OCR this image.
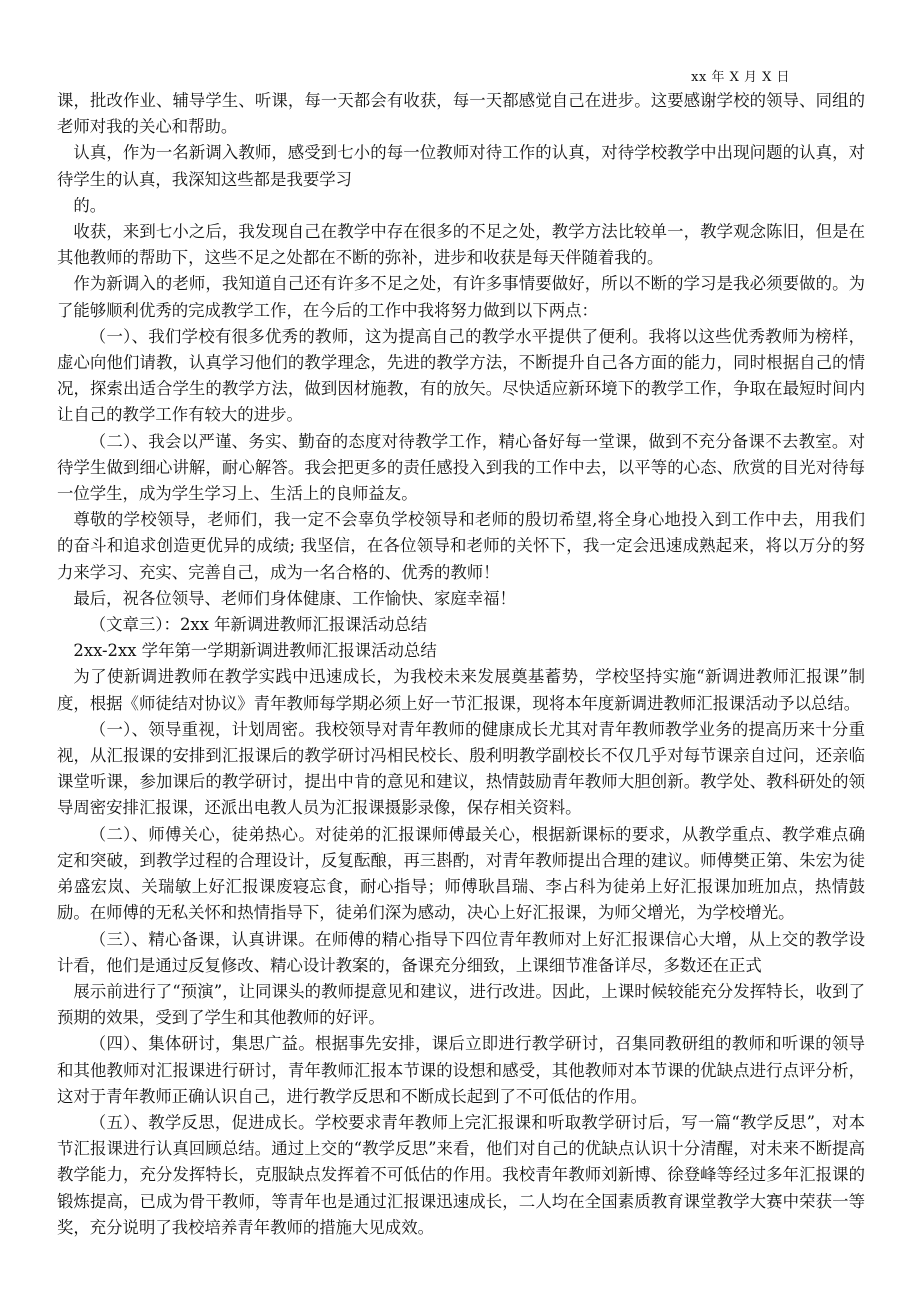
xx 年 X 月 X 日

课，批改作业、辅导学生、听课，每一天都会有收获，每一天都感觉自己在进步。这要感谢学校的领导、同组的老师对我的关心和帮助。

认真，作为一名新调入教师，感受到七小的每一位教师对待工作的认真，对待学校教学中出现问题的认真，对待学生的认真，我深知这些都是我要学习

的。

收获，来到七小之后，我发现自己在教学中存在很多的不足之处，教学方法比较单一，教学观念陈旧，但是在其他教师的帮助下，这些不足之处都在不断的弥补，进步和收获是每天伴随着我的。

作为新调入的老师，我知道自己还有许多不足之处，有许多事情要做好，所以不断的学习是我必须要做的。为了能够顺利优秀的完成教学工作，在今后的工作中我将努力做到以下两点：

（一）、我们学校有很多优秀的教师，这为提高自己的教学水平提供了便利。我将以这些优秀教师为榜样，虚心向他们请教，认真学习他们的教学理念，先进的教学方法，不断提升自己各方面的能力，同时根据自己的情况，探索出适合学生的教学方法，做到因材施教，有的放矢。尽快适应新环境下的教学工作，争取在最短时间内让自己的教学工作有较大的进步。

（二）、我会以严谨、务实、勤奋的态度对待教学工作，精心备好每一堂课，做到不充分备课不去教室。对待学生做到细心讲解，耐心解答。我会把更多的责任感投入到我的工作中去，以平等的心态、欣赏的目光对待每一位学生，成为学生学习上、生活上的良师益友。

尊敬的学校领导，老师们，我一定不会辜负学校领导和老师的殷切希望,将全身心地投入到工作中去，用我们的奋斗和追求创造更优异的成绩; 我坚信，在各位领导和老师的关怀下，我一定会迅速成熟起来，将以万分的努力来学习、充实、完善自己，成为一名合格的、优秀的教师！

最后，祝各位领导、老师们身体健康、工作愉快、家庭幸福！

（文章三）：2xx 年新调进教师汇报课活动总结

2xx-2xx 学年第一学期新调进教师汇报课活动总结

为了使新调进教师在教学实践中迅速成长，为我校未来发展奠基蓄势，学校坚持实施“新调进教师汇报课”制度，根据《师徒结对协议》青年教师每学期必须上好一节汇报课，现将本年度新调进教师汇报课活动予以总结。

（一）、领导重视，计划周密。我校领导对青年教师的健康成长尤其对青年教师教学业务的提高历来十分重视，从汇报课的安排到汇报课后的教学研讨冯相民校长、殷利明教学副校长不仅几乎对每节课亲自过问，还亲临课堂听课，参加课后的教学研讨，提出中肯的意见和建议，热情鼓励青年教师大胆创新。教学处、教科研处的领导周密安排汇报课，还派出电教人员为汇报课摄影录像，保存相关资料。

（二）、师傅关心，徒弟热心。对徒弟的汇报课师傅最关心，根据新课标的要求，从教学重点、教学难点确定和突破，到教学过程的合理设计，反复酝酿，再三斟酌，对青年教师提出合理的建议。师傅樊正第、朱宏为徒弟盛宏岚、关瑞敏上好汇报课废寝忘食，耐心指导；师傅耿昌瑞、李占科为徒弟上好汇报课加班加点，热情鼓励。在师傅的无私关怀和热情指导下，徒弟们深为感动，决心上好汇报课，为师父增光，为学校增光。

（三）、精心备课，认真讲课。在师傅的精心指导下四位青年教师对上好汇报课信心大增，从上交的教学设计看，他们是通过反复修改、精心设计教案的，备课充分细致，上课细节准备详尽，多数还在正式

展示前进行了“预演”，让同课头的教师提意见和建议，进行改进。因此，上课时候较能充分发挥特长，收到了预期的效果，受到了学生和其他教师的好评。

（四）、集体研讨，集思广益。根据事先安排，课后立即进行教学研讨，召集同教研组的教师和听课的领导和其他教师对汇报课进行研讨，青年教师汇报本节课的设想和感受，其他教师对本节课的优缺点进行点评分析，这对于青年教师正确认识自己，进行教学反思和不断成长起到了不可低估的作用。

（五）、教学反思，促进成长。学校要求青年教师上完汇报课和听取教学研讨后，写一篇“教学反思”，对本节汇报课进行认真回顾总结。通过上交的“教学反思”来看，他们对自己的优缺点认识十分清醒，对未来不断提高教学能力，充分发挥特长，克服缺点发挥着不可低估的作用。我校青年教师刘新博、徐登峰等经过多年汇报课的锻炼提高，已成为骨干教师，等青年也是通过汇报课迅速成长，二人均在全国素质教育课堂教学大赛中荣获一等奖，充分说明了我校培养青年教师的措施大见成效。
